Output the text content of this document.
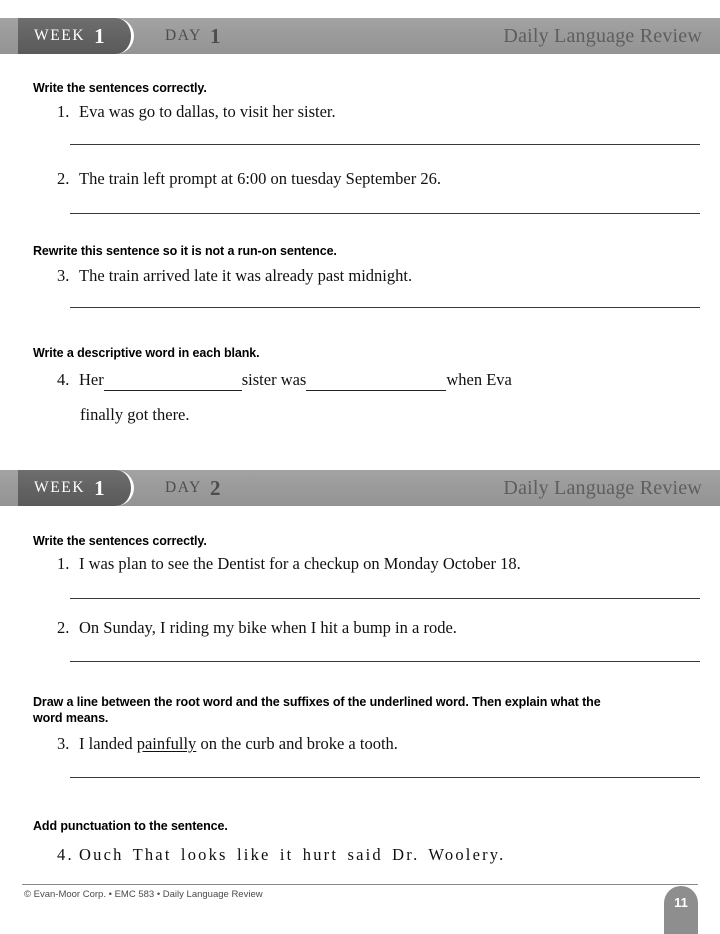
WEEK 1	DAY 1	Daily Language Review
Write the sentences correctly.
1. Eva was go to dallas, to visit her sister.
2. The train left prompt at 6:00 on tuesday September 26.
Rewrite this sentence so it is not a run-on sentence.
3. The train arrived late it was already past midnight.
Write a descriptive word in each blank.
4. Her	sister was	when Eva
finally got there.
WEEK 1	DAY 2	Daily Language Review
Write the sentences correctly.
1. I was plan to see the Dentist for a checkup on Monday October 18.
2. On Sunday, I riding my bike when I hit a bump in a rode.
Draw a line between the root word and the suffixes of the underlined word. Then explain what the word means.
3. I landed painfully on the curb and broke a tooth.
Add punctuation to the sentence.
4. Ouch That looks like it hurt said Dr. Woolery.
© Evan-Moor Corp. • EMC 583 • Daily Language Review
11
